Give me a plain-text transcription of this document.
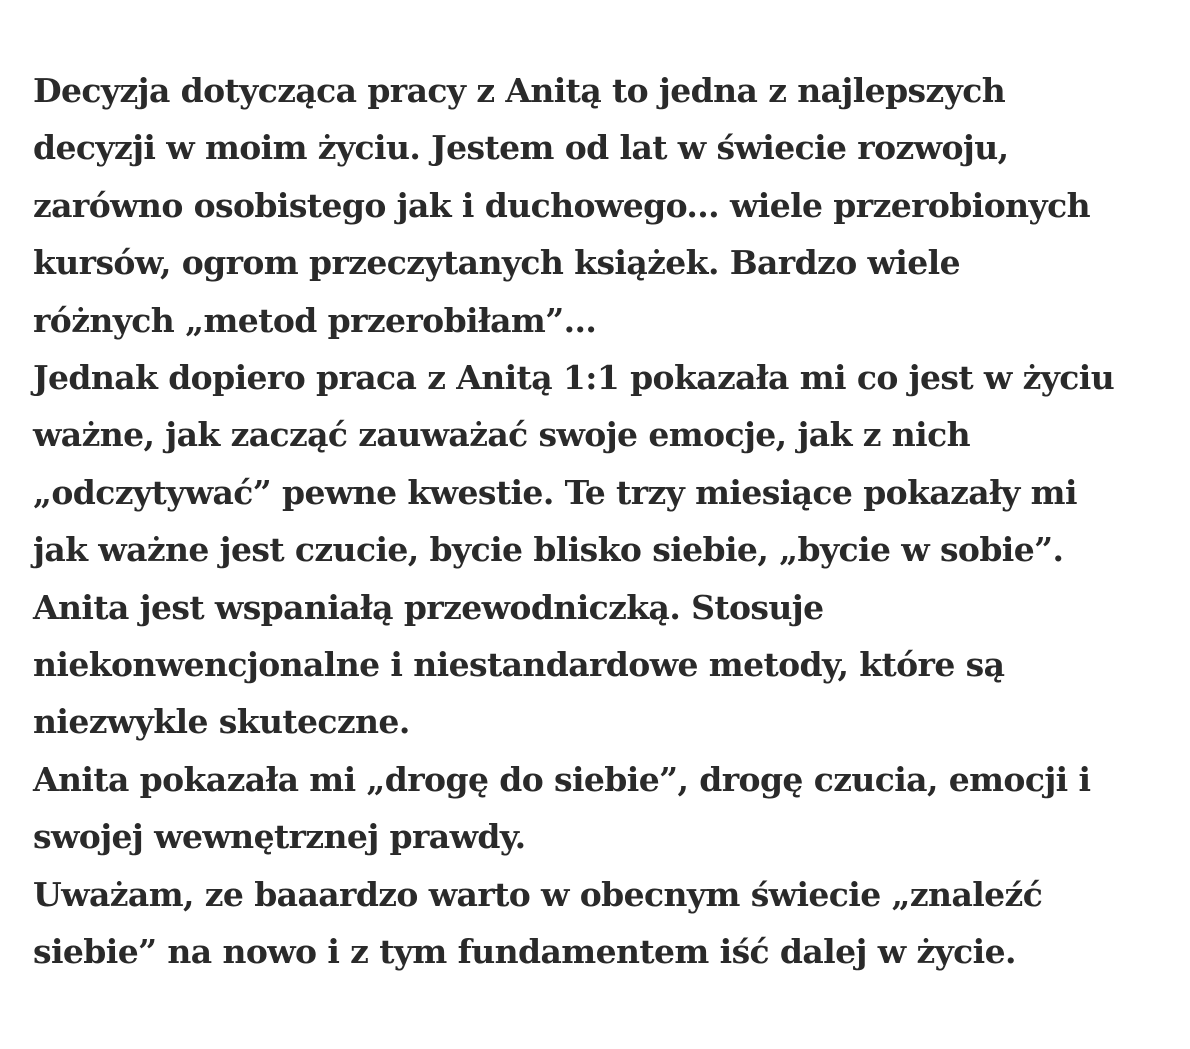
Decyzja dotycząca pracy z Anitą to jedna z najlepszych
decyzji w moim życiu. Jestem od lat w świecie rozwoju,
zarówno osobistego jak i duchowego... wiele przerobionych
kursów, ogrom przeczytanych książek. Bardzo wiele
różnych „metod przerobiłam”...
Jednak dopiero praca z Anitą 1:1 pokazała mi co jest w życiu
ważne, jak zacząć zauważać swoje emocje, jak z nich
„odczytywać” pewne kwestie. Te trzy miesiące pokazały mi
jak ważne jest czucie, bycie blisko siebie, „bycie w sobie”.
Anita jest wspaniałą przewodniczką. Stosuje
niekonwencjonalne i niestandardowe metody, które są
niezwykle skuteczne.
Anita pokazała mi „drogę do siebie”, drogę czucia, emocji i
swojej wewnętrznej prawdy.
Uważam, ze baaardzo warto w obecnym świecie „znaleźć
siebie” na nowo i z tym fundamentem iść dalej w życie.
